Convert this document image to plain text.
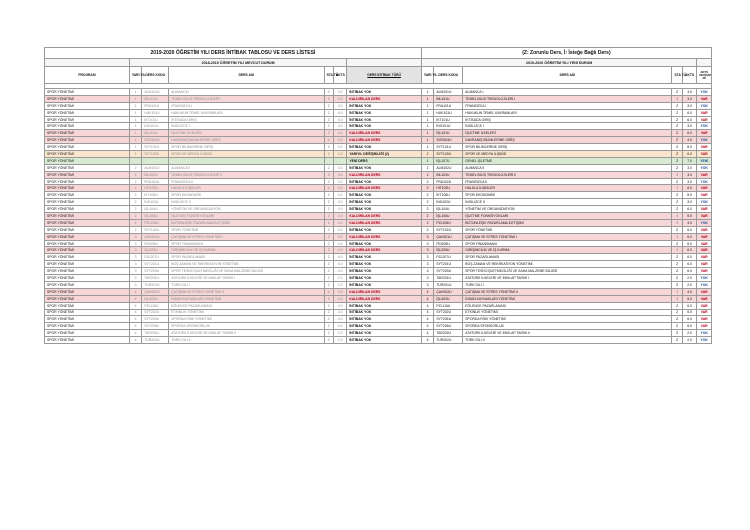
2019-2020 ÖĞRETİM YILI DERS İNTİBAK TABLOSU VE DERS LİSTESİ							(Z: Zorunlu Ders, İ: İsteğe Bağlı Ders)					
	2018-2019 ÖĞRETİM YILI MEVCUT DURUM						2019-2020 ÖĞRETİM YILI YENİ DURUM					
PROGRAM	YARI YIL	DERS KODU	DERS ADI	STA TÜ	AKTS	DERS İNTİBAK TÜRÜ	YARI YIL	DERS KODU	DERS ADI	STA TÜ	AKTS	AKTS DEĞİŞİR Mİ

SPOR YÖNETİMİ	1	ALM101U	ALMANCA I	Z	3.0	İNTİBAK YOK	1	ALM101U	ALMANCA I	Z	3.0	YOK
SPOR YÖNETİMİ	1	BİL101U	TEMEL BİLGİ TEKNOLOJİLERİ I	Z	3.0	KALDIRILAN DERS	1	BİL101U	TEMEL BİLGİ TEKNOLOJİLERİ I	İ	3.0	VAR
SPOR YÖNETİMİ	1	FRA101U	FRANSIZCA I	Z	3.0	İNTİBAK YOK	1	FRA101U	FRANSIZCA I	Z	3.0	YOK
SPOR YÖNETİMİ	1	HUK101U	HUKUKUN TEMEL KAVRAMLARI	Z	4.0	İNTİBAK YOK	1	HUK101U	HUKUKUN TEMEL KAVRAMLARI	Z	6.0	VAR
SPOR YÖNETİMİ	1	İKT101U	İKTİSADA GİRİŞ	Z	4.0	İNTİBAK YOK	1	İKT101U	İKTİSADA GİRİŞ	Z	6.0	VAR
SPOR YÖNETİMİ	1	İNG101U	İNGİLİZCE I	Z	3.0	İNTİBAK YOK	1	İNG101U	İNGİLİZCE I	Z	3.0	YOK
SPOR YÖNETİMİ	1	İŞL101U	İŞLETME İLKELERİ	Z	4.0	KALDIRILAN DERS	1	İŞL101U	İŞLETME İLKELERİ	Z	6.0	VAR
SPOR YÖNETİMİ	1	SOS204U	DAVRANIŞ BİLİMLERİNE GİRİŞ	Z	4.0	KALDIRILAN DERS	1	SOS204U	DAVRANIŞ BİLİMLERİNE GİRİŞ	Z	4.0	YOK
SPOR YÖNETİMİ	1	SYT101U	SPOR BİLİMLERİNE GİRİŞ	Z	4.0	İNTİBAK YOK	1	SYT101U	SPOR BİLİMLERİNE GİRİŞ	Z	8.0	VAR
SPOR YÖNETİMİ	1	SYT103U	SPOR VE MEDYA İLİŞKİSİ	Z	4.0	YARIYIL DEĞİŞİKLİĞİ (2)	2	SYT103U	SPOR VE MEDYA İLİŞKİSİ	Z	6.0	VAR
SPOR YÖNETİMİ						YENİ DERS	1	İŞL107U	GENEL İŞLETME	Z	7.0	YENİ
SPOR YÖNETİMİ	2	ALM102U	ALMANCA II	Z	3.0	İNTİBAK YOK	2	ALM102U	ALMANCA II	Z	3.0	YOK
SPOR YÖNETİMİ	2	BİL102U	TEMEL BİLGİ TEKNOLOJİLERİ II	Z	3.0	KALDIRILAN DERS	2	BİL102U	TEMEL BİLGİ TEKNOLOJİLERİ II	İ	3.0	VAR
SPOR YÖNETİMİ	2	FRA102U	FRANSIZCA II	Z	3.0	İNTİBAK YOK	2	FRA102U	FRANSIZCA II	Z	3.0	YOK
SPOR YÖNETİMİ	2	HİT102U	HALKLA İLİŞKİLER	Z	4.0	KALDIRILAN DERS	2	HİT102U	HALKLA İLİŞKİLER	İ	6.0	VAR
SPOR YÖNETİMİ	2	İKT106U	SPOR EKONOMİSİ	Z	4.0	İNTİBAK YOK	2	İKT106U	SPOR EKONOMİSİ	Z	8.0	VAR
SPOR YÖNETİMİ	2	İNG102U	İNGİLİZCE II	Z	3.0	İNTİBAK YOK	2	İNG102U	İNGİLİZCE II	Z	3.0	YOK
SPOR YÖNETİMİ	2	İŞL104U	YÖNETİM VE ORGANİZASYON	Z	4.0	İNTİBAK YOK	2	İŞL104U	YÖNETİM VE ORGANİZASYON	Z	6.0	VAR
SPOR YÖNETİMİ	2	İŞL106U	İŞLETME FONKSİYONLARI	Z	4.0	KALDIRILAN DERS	2	İŞL106U	İŞLETME FONKSİYONLARI	İ	5.0	VAR
SPOR YÖNETİMİ	2	PZL106U	BÜTÜNLEŞİK PAZARLAMA İLETİŞİMİ	Z	4.0	KALDIRILAN DERS	2	PZL106U	BÜTÜNLEŞİK PAZARLAMA İLETİŞİMİ	İ	4.0	YOK
SPOR YÖNETİMİ	2	SYT102U	SPOR YÖNETİMİ	Z	4.0	İNTİBAK YOK	2	SYT102U	SPOR YÖNETİMİ	Z	6.0	VAR
SPOR YÖNETİMİ	3	ÇAH201U	ÇATIŞMA VE STRES YÖNETİMİ I	Z	3.0	KALDIRILAN DERS	3	ÇAH201U	ÇATIŞMA VE STRES YÖNETİMİ I	İ	5.0	VAR
SPOR YÖNETİMİ	3	FİN205U	SPOR FİNANSMANI	Z	4.0	İNTİBAK YOK	3	FİN205U	SPOR FİNANSMANI	Z	6.0	VAR
SPOR YÖNETİMİ	3	İŞL205U	GİRİŞİMCİLİK VE İŞ KURMA	Z	4.0	KALDIRILAN DERS	3	İŞL205U	GİRİŞİMCİLİK VE İŞ KURMA	İ	6.0	VAR
SPOR YÖNETİMİ	3	PZL207U	SPOR PAZARLAMASI	Z	4.0	İNTİBAK YOK	3	PZL207U	SPOR PAZARLAMASI	Z	6.0	VAR
SPOR YÖNETİMİ	3	SYT201U	BOŞ ZAMAN VE REKREASYON YÖNETİMİ	Z	4.0	İNTİBAK YOK	3	SYT201U	BOŞ ZAMAN VE REKREASYON YÖNETİMİ	Z	6.0	VAR
SPOR YÖNETİMİ	3	SYT203U	SPOR TESİSİ İŞLETMECİLİĞİ VE SAHA MALZEME BİLGİSİ	Z	4.0	İNTİBAK YOK	3	SYT203U	SPOR TESİSİ İŞLETMECİLİĞİ VE SAHA MALZEME BİLGİSİ	Z	6.0	VAR
SPOR YÖNETİMİ	3	TAR201U	ATATÜRK İLKELERİ VE İNKILAP TARİHİ I	Z	2.0	İNTİBAK YOK	3	TAR201U	ATATÜRK İLKELERİ VE İNKILAP TARİHİ I	Z	2.0	YOK
SPOR YÖNETİMİ	3	TUR201U	TÜRK DİLİ I	Z	2.0	İNTİBAK YOK	3	TUR201U	TÜRK DİLİ I	Z	2.0	YOK
SPOR YÖNETİMİ	4	ÇAH202U	ÇATIŞMA VE STRES YÖNETİMİ II	Z	3.0	KALDIRILAN DERS	4	ÇAH202U	ÇATIŞMA VE STRES YÖNETİMİ II	İ	4.0	VAR
SPOR YÖNETİMİ	4	İŞL402U	İNSAN KAYNAKLARI YÖNETİMİ	Z	4.0	KALDIRILAN DERS	4	İŞL402U	İNSAN KAYNAKLARI YÖNETİMİ	İ	5.0	VAR
SPOR YÖNETİMİ	4	PZL116U	EĞLENCE PAZARLAMASI	Z	4.0	İNTİBAK YOK	4	PZL116U	EĞLENCE PAZARLAMASI	Z	6.0	VAR
SPOR YÖNETİMİ	4	SYT202U	ETKİNLİK YÖNETİMİ	Z	4.0	İNTİBAK YOK	4	SYT202U	ETKİNLİK YÖNETİMİ	Z	6.0	VAR
SPOR YÖNETİMİ	4	SYT204U	SPORDA RİSK YÖNETİMİ	Z	4.0	İNTİBAK YOK	4	SYT204U	SPORDA RİSK YÖNETİMİ	Z	6.0	VAR
SPOR YÖNETİMİ	4	SYT206U	SPORDA SPONSORLUK	Z	4.0	İNTİBAK YOK	4	SYT206U	SPORDA SPONSORLUK	Z	6.0	VAR
SPOR YÖNETİMİ	4	TAR202U	ATATÜRK İLKELERİ VE İNKILAP TARİHİ II	Z	2.0	İNTİBAK YOK	4	TAR202U	ATATÜRK İLKELERİ VE İNKILAP TARİHİ II	Z	2.0	YOK
SPOR YÖNETİMİ	4	TUR202U	TÜRK DİLİ II	Z	2.0	İNTİBAK YOK	4	TUR202U	TÜRK DİLİ II	Z	2.0	YOK
